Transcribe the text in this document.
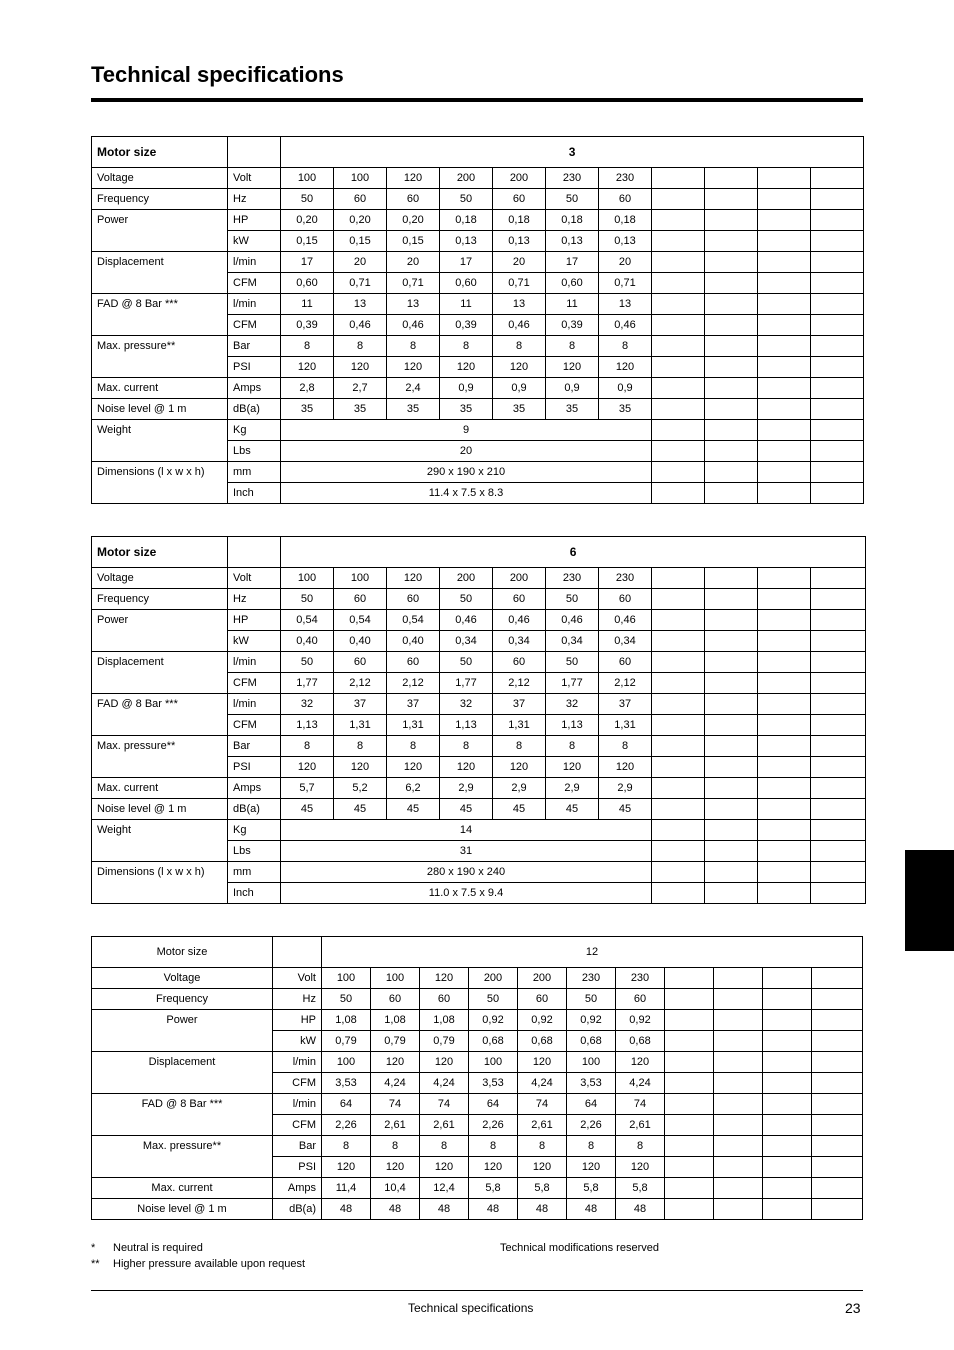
Technical specifications
Motor size		3										
Voltage	Volt	100	100	120	200	200	230	230				
Frequency	Hz	50	60	60	50	60	50	60				
Power	HP	0,20	0,20	0,20	0,18	0,18	0,18	0,18				
	kW	0,15	0,15	0,15	0,13	0,13	0,13	0,13				
Displacement	l/min	17	20	20	17	20	17	20				
	CFM	0,60	0,71	0,71	0,60	0,71	0,60	0,71				
FAD @ 8 Bar ***	l/min	11	13	13	11	13	11	13				
	CFM	0,39	0,46	0,46	0,39	0,46	0,39	0,46				
Max. pressure**	Bar	8	8	8	8	8	8	8				
	PSI	120	120	120	120	120	120	120				
Max. current	Amps	2,8	2,7	2,4	0,9	0,9	0,9	0,9				
Noise level @ 1 m	dB(a)	35	35	35	35	35	35	35				
Weight	Kg	9										
	Lbs	20										
Dimensions (l x w x h)	mm	290 x 190 x 210										
	Inch	11.4 x 7.5 x 8.3										
Motor size		6										
Voltage	Volt	100	100	120	200	200	230	230				
Frequency	Hz	50	60	60	50	60	50	60				
Power	HP	0,54	0,54	0,54	0,46	0,46	0,46	0,46				
	kW	0,40	0,40	0,40	0,34	0,34	0,34	0,34				
Displacement	l/min	50	60	60	50	60	50	60				
	CFM	1,77	2,12	2,12	1,77	2,12	1,77	2,12				
FAD @ 8 Bar ***	l/min	32	37	37	32	37	32	37				
	CFM	1,13	1,31	1,31	1,13	1,31	1,13	1,31				
Max. pressure**	Bar	8	8	8	8	8	8	8				
	PSI	120	120	120	120	120	120	120				
Max. current	Amps	5,7	5,2	6,2	2,9	2,9	2,9	2,9				
Noise level @ 1 m	dB(a)	45	45	45	45	45	45	45				
Weight	Kg	14										
	Lbs	31										
Dimensions (l x w x h)	mm	280 x 190 x 240										
	Inch	11.0 x 7.5 x 9.4										
Motor size		12										
Voltage	Volt	100	100	120	200	200	230	230				
Frequency	Hz	50	60	60	50	60	50	60				
Power	HP	1,08	1,08	1,08	0,92	0,92	0,92	0,92				
	kW	0,79	0,79	0,79	0,68	0,68	0,68	0,68				
Displacement	l/min	100	120	120	100	120	100	120				
	CFM	3,53	4,24	4,24	3,53	4,24	3,53	4,24				
FAD @ 8 Bar ***	l/min	64	74	74	64	74	64	74				
	CFM	2,26	2,61	2,61	2,26	2,61	2,26	2,61				
Max. pressure**	Bar	8	8	8	8	8	8	8				
	PSI	120	120	120	120	120	120	120				
Max. current	Amps	11,4	10,4	12,4	5,8	5,8	5,8	5,8				
Noise level @ 1 m	dB(a)	48	48	48	48	48	48	48				
* Neutral is required
** Higher pressure available upon request
Technical modifications reserved
Technical specifications	23
